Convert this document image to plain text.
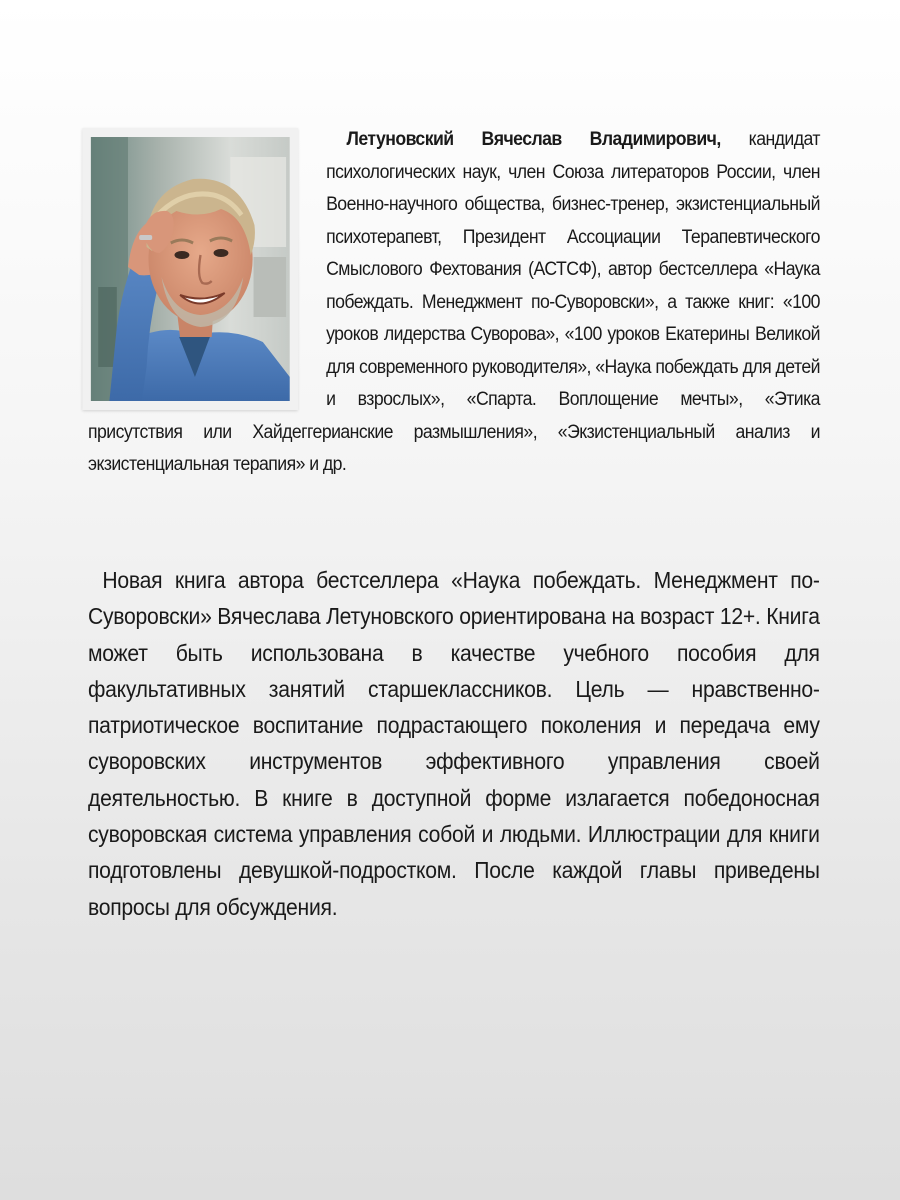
Летуновский Вячеслав Владимирович, кандидат психологических наук, член Союза литераторов России, член Военно-научного общества, бизнес-тренер, экзистенциальный психотерапевт, Президент Ассоциации Терапевтического Смыслового Фехтования (АСТСФ), автор бестселлера «Наука побеждать. Менеджмент по-Суворовски», а также книг: «100 уроков лидерства Суворова», «100 уроков Екатерины Великой для современного руководителя», «Наука побеждать для детей и взрослых», «Спарта. Воплощение мечты», «Этика присутствия или Хайдеггерианские размышления», «Экзистенциальный анализ и экзистенциальная терапия» и др.

Новая книга автора бестселлера «Наука побеждать. Менеджмент по-Суворовски» Вячеслава Летуновского ориентирована на возраст 12+. Книга может быть использована в качестве учебного пособия для факультативных занятий старшеклассников. Цель — нравственно-патриотическое воспитание подрастающего поколения и передача ему суворовских инструментов эффективного управления своей деятельностью. В книге в доступной форме излагается победоносная суворовская система управления собой и людьми. Иллюстрации для книги подготовлены девушкой-подростком. После каждой главы приведены вопросы для обсуждения.
